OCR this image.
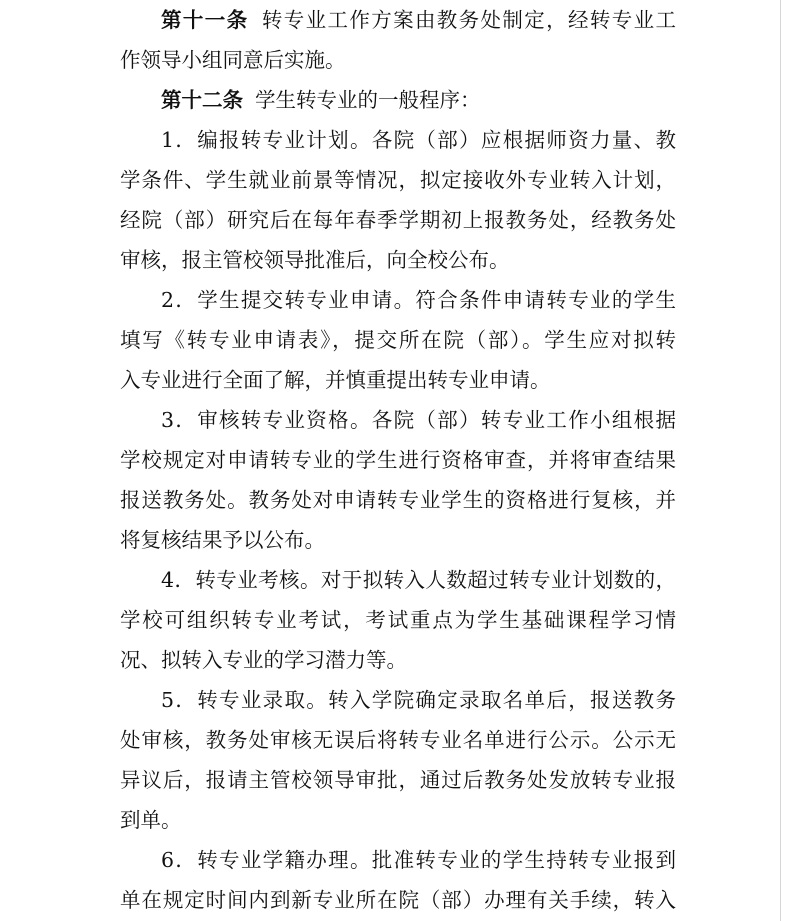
第十一条 转专业工作方案由教务处制定，经转专业工
作领导小组同意后实施。
第十二条 学生转专业的一般程序：
1．编报转专业计划。各院（部）应根据师资力量、教
学条件、学生就业前景等情况，拟定接收外专业转入计划，
经院（部）研究后在每年春季学期初上报教务处，经教务处
审核，报主管校领导批准后，向全校公布。
2．学生提交转专业申请。符合条件申请转专业的学生
填写《转专业申请表》，提交所在院（部）。学生应对拟转
入专业进行全面了解，并慎重提出转专业申请。
3．审核转专业资格。各院（部）转专业工作小组根据
学校规定对申请转专业的学生进行资格审查，并将审查结果
报送教务处。教务处对申请转专业学生的资格进行复核，并
将复核结果予以公布。
4．转专业考核。对于拟转入人数超过转专业计划数的，
学校可组织转专业考试，考试重点为学生基础课程学习情
况、拟转入专业的学习潜力等。
5．转专业录取。转入学院确定录取名单后，报送教务
处审核，教务处审核无误后将转专业名单进行公示。公示无
异议后，报请主管校领导审批，通过后教务处发放转专业报
到单。
6．转专业学籍办理。批准转专业的学生持转专业报到
单在规定时间内到新专业所在院（部）办理有关手续，转入
